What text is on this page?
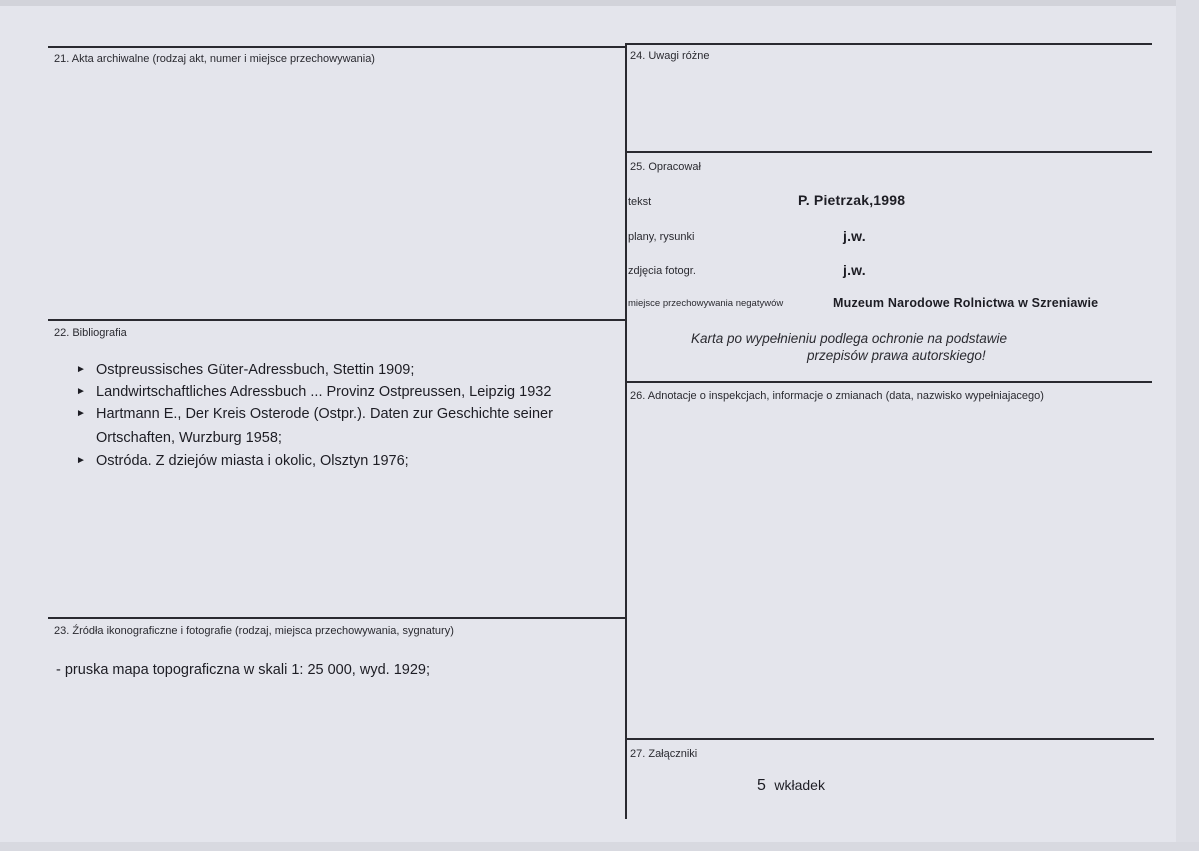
21. Akta archiwalne (rodzaj akt, numer i miejsce przechowywania)
22. Bibliografia
► Ostpreussisches Güter-Adressbuch, Stettin 1909;
► Landwirtschaftliches Adressbuch ... Provinz Ostpreussen, Leipzig 1932
► Hartmann E., Der Kreis Osterode (Ostpr.). Daten zur Geschichte seiner
Ortschaften, Wurzburg 1958;
► Ostróda. Z dziejów miasta i okolic, Olsztyn 1976;
23. Źródła ikonograficzne i fotografie (rodzaj, miejsca przechowywania, sygnatury)
- pruska mapa topograficzna w skali 1: 25 000, wyd. 1929;
24. Uwagi różne
25. Opracował
tekst	P. Pietrzak,1998
plany, rysunki	j.w.
zdjęcia fotogr.	j.w.
miejsce przechowywania negatywów	Muzeum Narodowe Rolnictwa w Szreniawie
Karta po wypełnieniu podlega ochronie na podstawie
przepisów prawa autorskiego!
26. Adnotacje o inspekcjach, informacje o zmianach (data, nazwisko wypełniajacego)
27. Załączniki
5 wkładek
